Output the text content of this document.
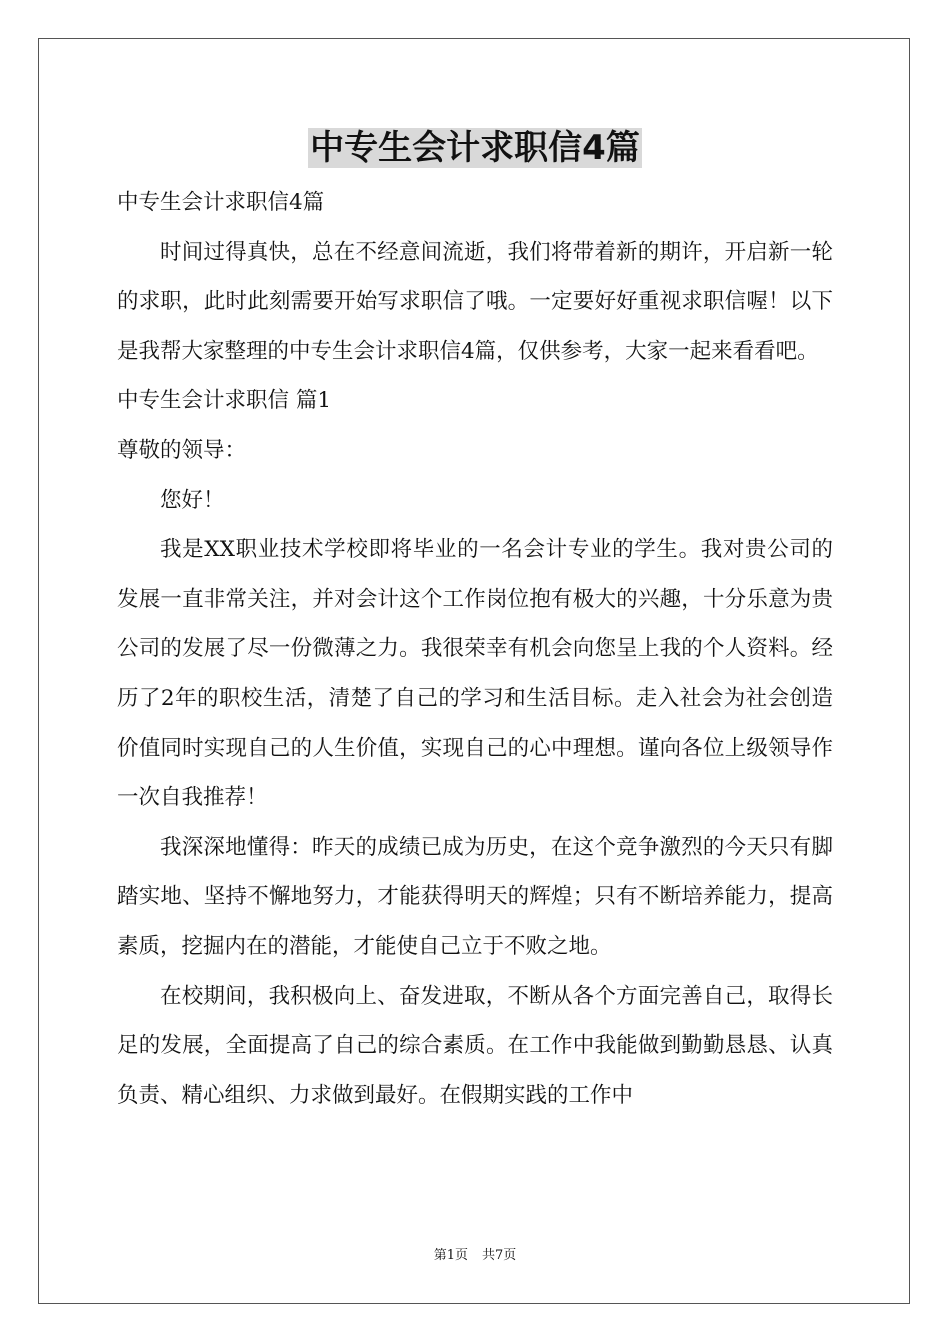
中专生会计求职信4篇

中专生会计求职信4篇

时间过得真快，总在不经意间流逝，我们将带着新的期许，开启新一轮的求职，此时此刻需要开始写求职信了哦。一定要好好重视求职信喔！以下是我帮大家整理的中专生会计求职信4篇，仅供参考，大家一起来看看吧。

中专生会计求职信 篇1

尊敬的领导：

您好！

我是XX职业技术学校即将毕业的一名会计专业的学生。我对贵公司的发展一直非常关注，并对会计这个工作岗位抱有极大的兴趣，十分乐意为贵公司的发展了尽一份微薄之力。我很荣幸有机会向您呈上我的个人资料。经历了2年的职校生活，清楚了自己的学习和生活目标。走入社会为社会创造价值同时实现自己的人生价值，实现自己的心中理想。谨向各位上级领导作一次自我推荐！

我深深地懂得：昨天的成绩已成为历史，在这个竞争激烈的今天只有脚踏实地、坚持不懈地努力，才能获得明天的辉煌；只有不断培养能力，提高素质，挖掘内在的潜能，才能使自己立于不败之地。

在校期间，我积极向上、奋发进取，不断从各个方面完善自己，取得长足的发展，全面提高了自己的综合素质。在工作中我能做到勤勤恳恳、认真负责、精心组织、力求做到最好。在假期实践的工作中

第1页 共7页
